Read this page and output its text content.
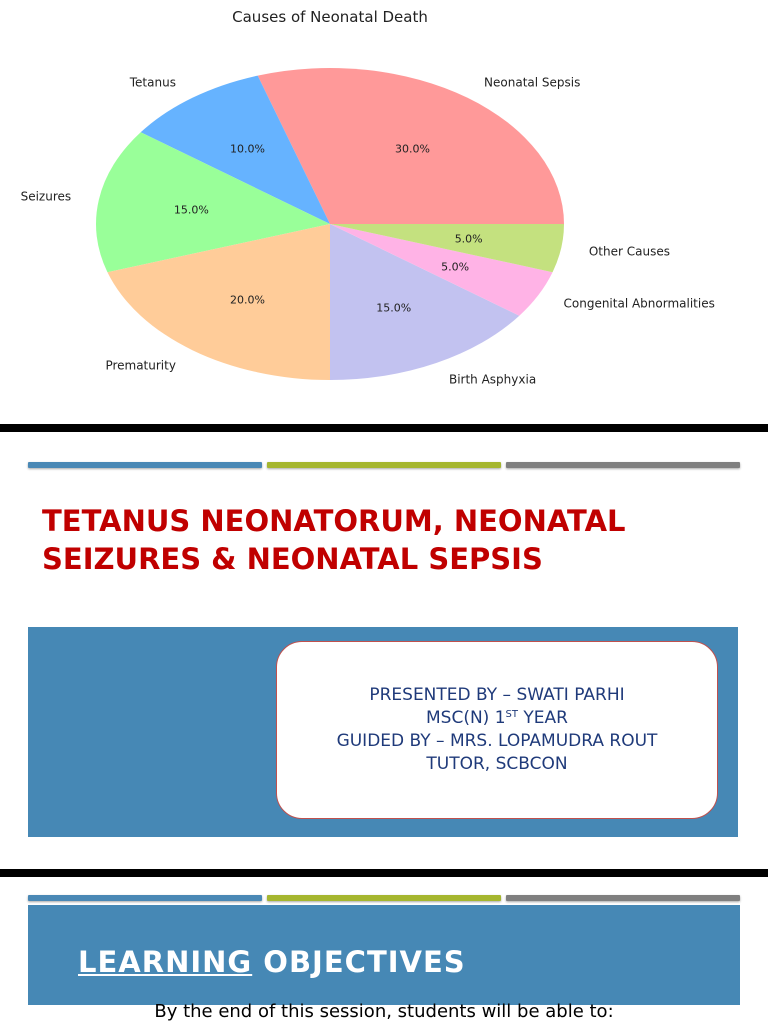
Causes of Neonatal Death
Neonatal Sepsis
30.0%
Tetanus
10.0%
Seizures
15.0%
Prematurity
20.0%
Birth Asphyxia
15.0%	Congenital Abnormalities
5.0%
Other Causes
5.0%
TETANUS NEONATORUM, NEONATAL
SEIZURES & NEONATAL SEPSIS
PRESENTED BY – SWATI PARHI
MSC(N) 1ST YEAR
GUIDED BY – MRS. LOPAMUDRA ROUT
TUTOR, SCBCON
LEARNING OBJECTIVES

By the end of this session, students will be able to:
